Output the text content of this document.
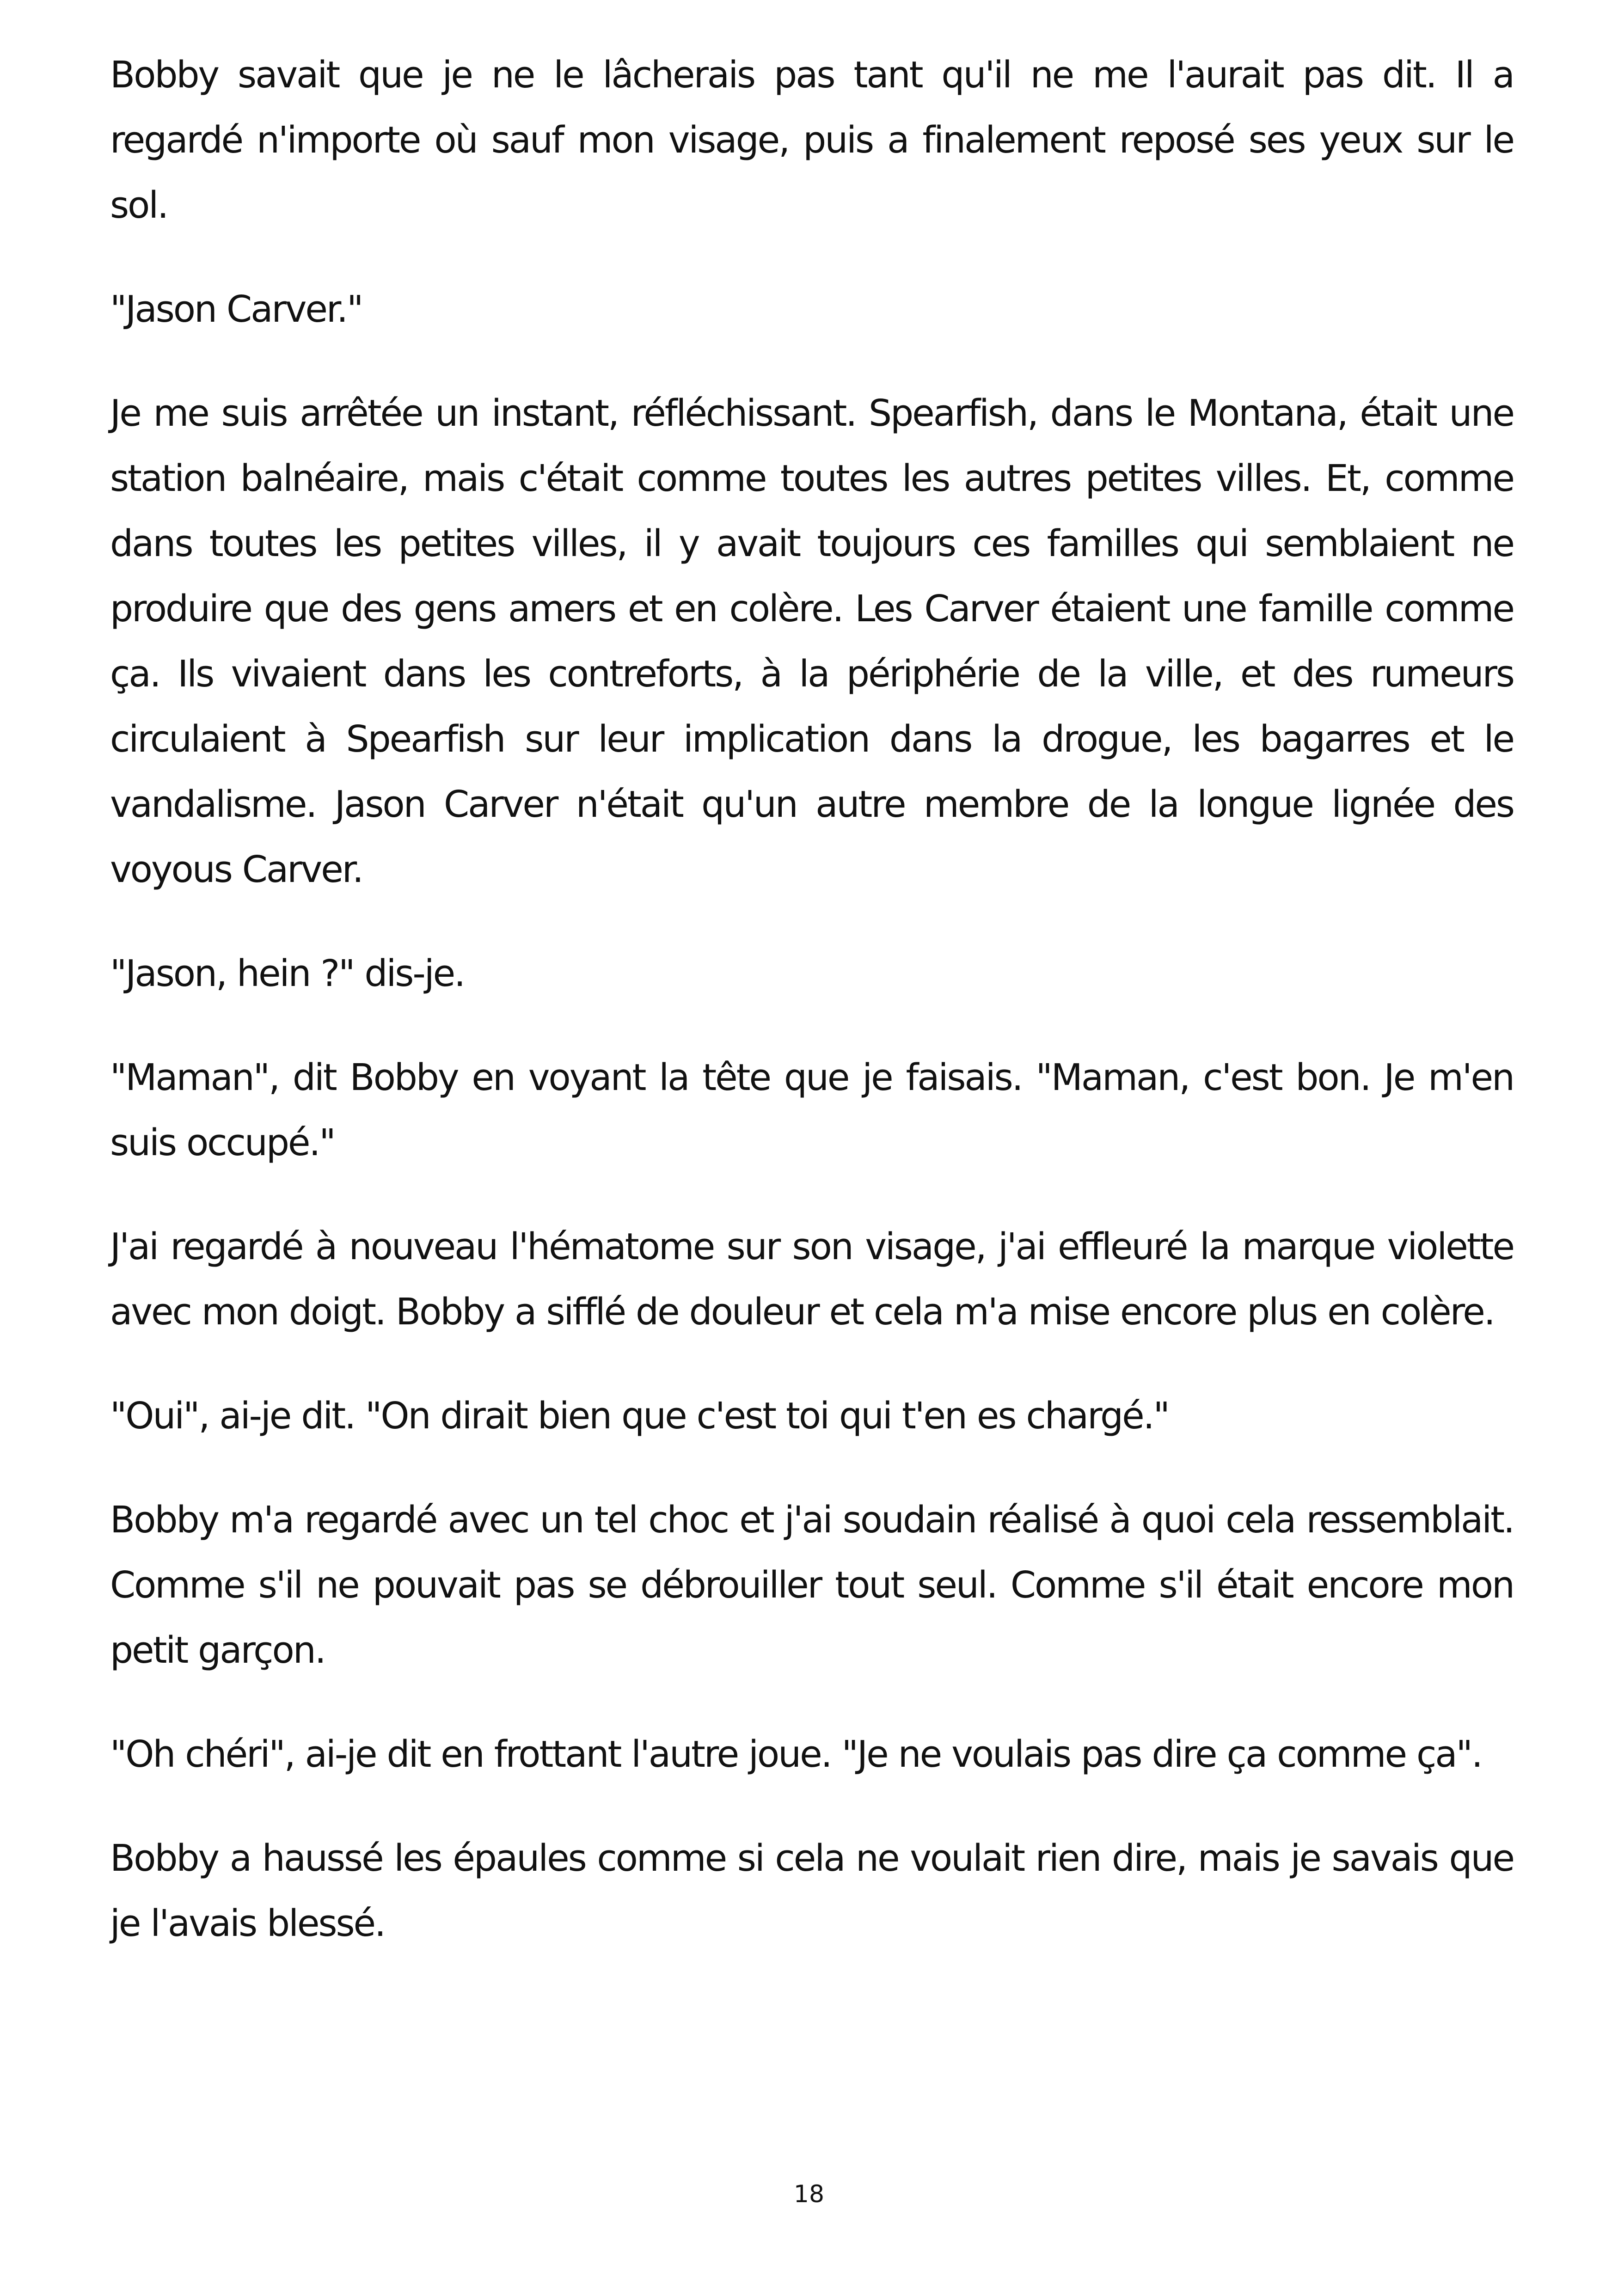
Bobby savait que je ne le lâcherais pas tant qu'il ne me l'aurait pas dit. Il a regardé n'importe où sauf mon visage, puis a finalement reposé ses yeux sur le sol.

"Jason Carver."

Je me suis arrêtée un instant, réfléchissant. Spearfish, dans le Montana, était une station balnéaire, mais c'était comme toutes les autres petites villes. Et, comme dans toutes les petites villes, il y avait toujours ces familles qui semblaient ne produire que des gens amers et en colère. Les Carver étaient une famille comme ça. Ils vivaient dans les contreforts, à la périphérie de la ville, et des rumeurs circulaient à Spearfish sur leur implication dans la drogue, les bagarres et le vandalisme. Jason Carver n'était qu'un autre membre de la longue lignée des voyous Carver.

"Jason, hein ?" dis-je.

"Maman", dit Bobby en voyant la tête que je faisais. "Maman, c'est bon. Je m'en suis occupé."

J'ai regardé à nouveau l'hématome sur son visage, j'ai effleuré la marque violette avec mon doigt. Bobby a sifflé de douleur et cela m'a mise encore plus en colère.

"Oui", ai-je dit. "On dirait bien que c'est toi qui t'en es chargé."

Bobby m'a regardé avec un tel choc et j'ai soudain réalisé à quoi cela ressemblait. Comme s'il ne pouvait pas se débrouiller tout seul. Comme s'il était encore mon petit garçon.

"Oh chéri", ai-je dit en frottant l'autre joue. "Je ne voulais pas dire ça comme ça".

Bobby a haussé les épaules comme si cela ne voulait rien dire, mais je savais que je l'avais blessé.

18
